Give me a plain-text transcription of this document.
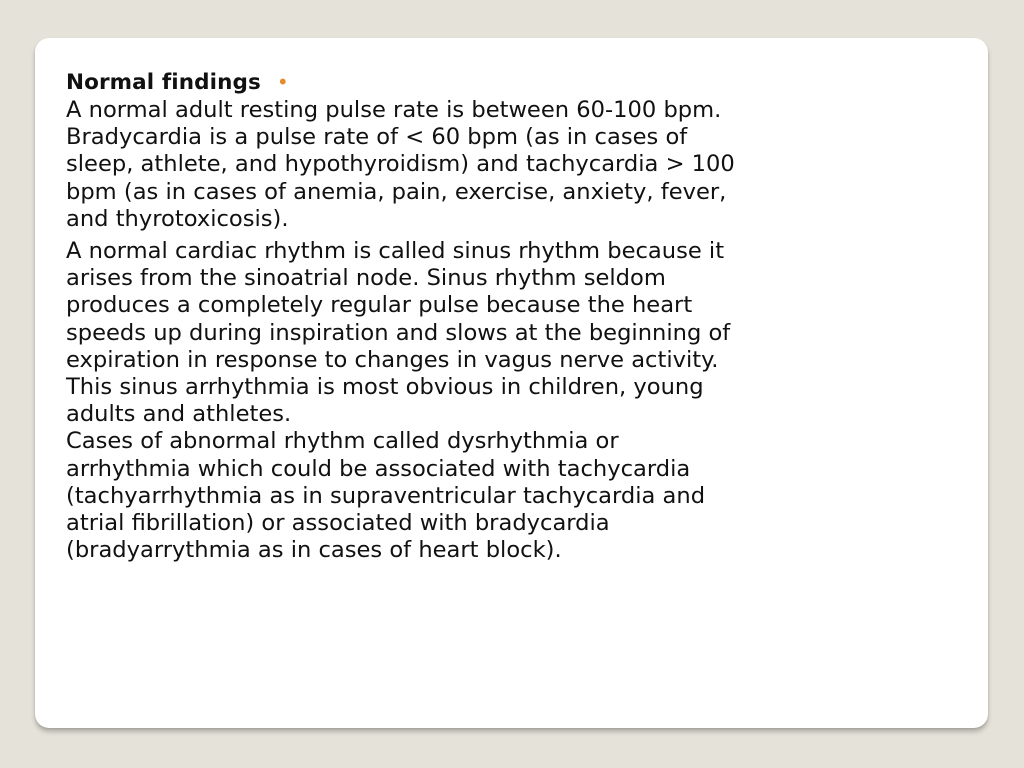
Normal findings •

A normal adult resting pulse rate is between 60-100 bpm.
Bradycardia is a pulse rate of < 60 bpm (as in cases of
sleep, athlete, and hypothyroidism) and tachycardia > 100
bpm (as in cases of anemia, pain, exercise, anxiety, fever,
and thyrotoxicosis).

A normal cardiac rhythm is called sinus rhythm because it
arises from the sinoatrial node. Sinus rhythm seldom
produces a completely regular pulse because the heart
speeds up during inspiration and slows at the beginning of
expiration in response to changes in vagus nerve activity.
This sinus arrhythmia is most obvious in children, young
adults and athletes.
Cases of abnormal rhythm called dysrhythmia or
arrhythmia which could be associated with tachycardia
(tachyarrhythmia as in supraventricular tachycardia and
atrial fibrillation) or associated with bradycardia
(bradyarrythmia as in cases of heart block).
